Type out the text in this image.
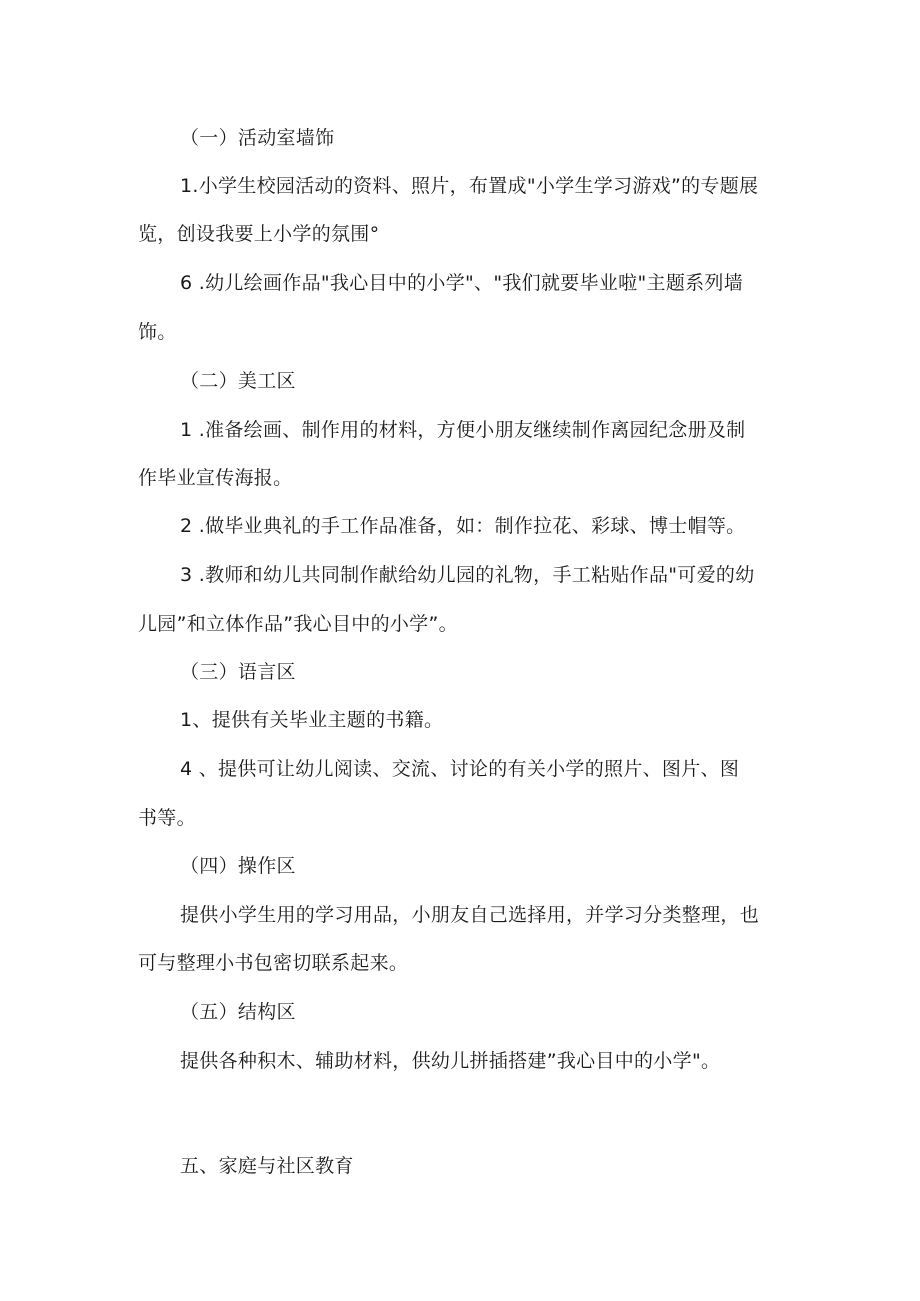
（一）活动室墙饰
1.小学生校园活动的资料、照片，布置成"小学生学习游戏”的专题展
览，创设我要上小学的氛围°
6 .幼儿绘画作品"我心目中的小学"、"我们就要毕业啦"主题系列墙
饰。
（二）美工区
1 .准备绘画、制作用的材料，方便小朋友继续制作离园纪念册及制
作毕业宣传海报。
2 .做毕业典礼的手工作品准备，如：制作拉花、彩球、博士帽等。
3 .教师和幼儿共同制作献给幼儿园的礼物，手工粘贴作品"可爱的幼
儿园”和立体作品”我心目中的小学”。
（三）语言区
1、提供有关毕业主题的书籍。
4 、提供可让幼儿阅读、交流、讨论的有关小学的照片、图片、图
书等。
（四）操作区
提供小学生用的学习用品，小朋友自己选择用，并学习分类整理，也
可与整理小书包密切联系起来。
（五）结构区
提供各种积木、辅助材料，供幼儿拼插搭建”我心目中的小学"。
五、家庭与社区教育
